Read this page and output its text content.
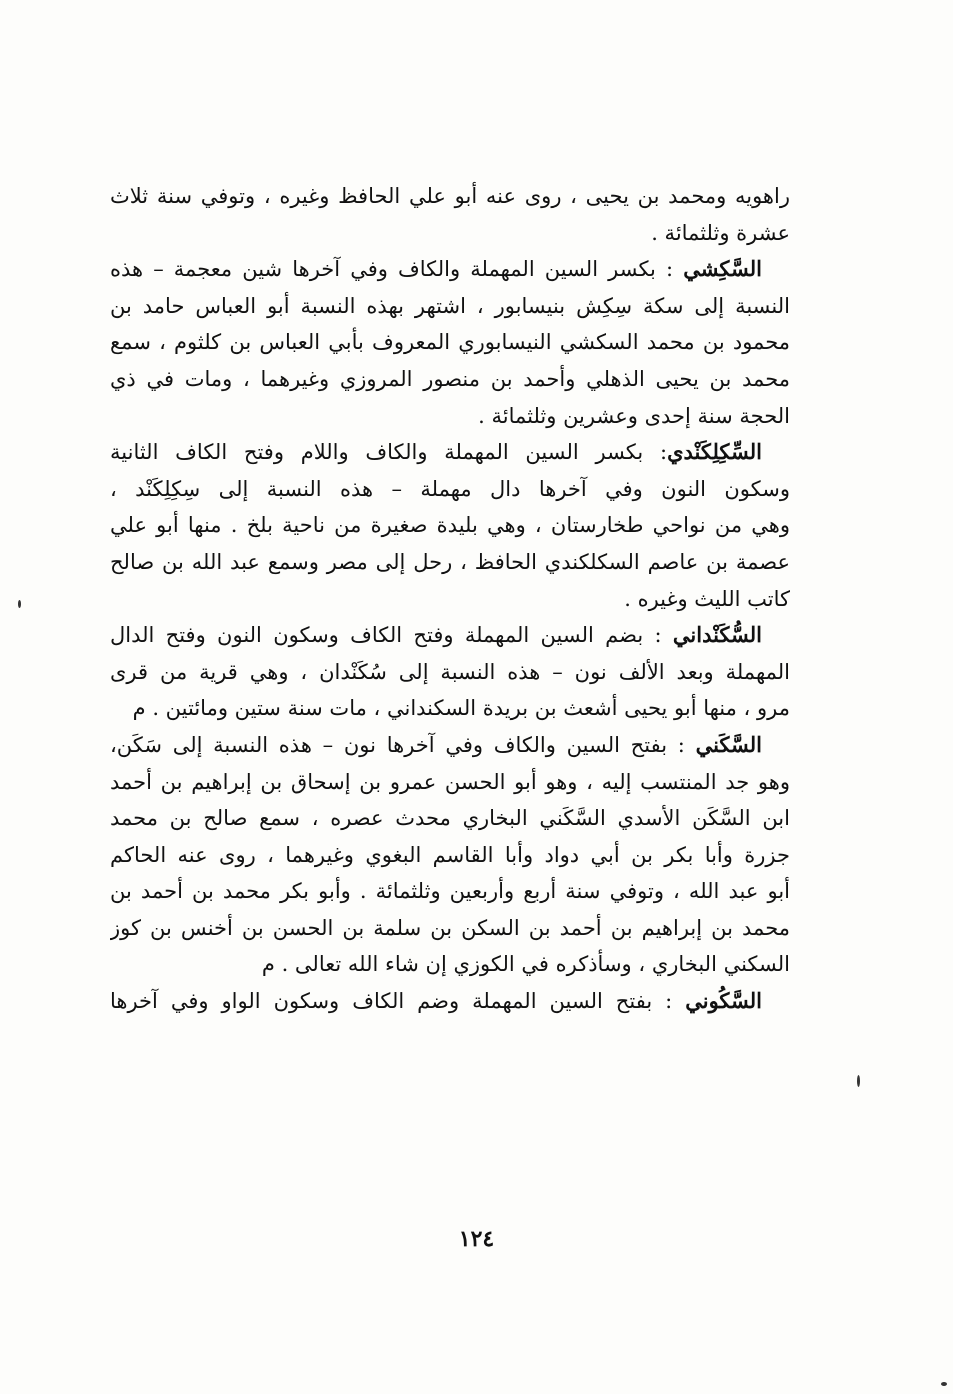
راهويه ومحمد بن يحيى ، روى عنه أبو علي الحافظ وغيره ، وتوفي سنة ثلاث
عشرة وثلثمائة .
السَّكِشي : بكسر السين المهملة والكاف وفي آخرها شين معجمة – هذه
النسبة إلى سكة سِكِش بنيسابور ، اشتهر بهذه النسبة أبو العباس حامد بن
محمود بن محمد السكشي النيسابوري المعروف بأبي العباس بن كلثوم ، سمع
محمد بن يحيى الذهلي وأحمد بن منصور المروزي وغيرهما ، ومات في ذي
الحجة سنة إحدى وعشرين وثلثمائة .
السِّكِلِكَنْدي: بكسر السين المهملة والكاف واللام وفتح الكاف الثانية
وسكون النون وفي آخرها دال مهملة – هذه النسبة إلى سِكِلِكَنْد ،
وهي من نواحي طخارستان ، وهي بليدة صغيرة من ناحية بلخ . منها أبو علي
عصمة بن عاصم السكلكندي الحافظ ، رحل إلى مصر وسمع عبد الله بن صالح
كاتب الليث وغيره .
السُّكَنْداني : بضم السين المهملة وفتح الكاف وسكون النون وفتح الدال
المهملة وبعد الألف نون – هذه النسبة إلى سُكَنْدان ، وهي قرية من قرى
مرو ، منها أبو يحيى أشعث بن بريدة السكنداني ، مات سنة ستين ومائتين . م
السَّكَني : بفتح السين والكاف وفي آخرها نون – هذه النسبة إلى سَكَن،
وهو جد المنتسب إليه ، وهو أبو الحسن عمرو بن إسحاق بن إبراهيم بن أحمد
ابن السَّكَن الأسدي السَّكَني البخاري محدث عصره ، سمع صالح بن محمد
جزرة وأبا بكر بن أبي دواد وأبا القاسم البغوي وغيرهما ، روى عنه الحاكم
أبو عبد الله ، وتوفي سنة أربع وأربعين وثلثمائة . وأبو بكر محمد بن أحمد بن
محمد بن إبراهيم بن أحمد بن السكن بن سلمة بن الحسن بن أخنس بن كوز
السكني البخاري ، وسأذكره في الكوزي إن شاء الله تعالى . م
السَّكُوني : بفتح السين المهملة وضم الكاف وسكون الواو وفي آخرها
١٢٤
